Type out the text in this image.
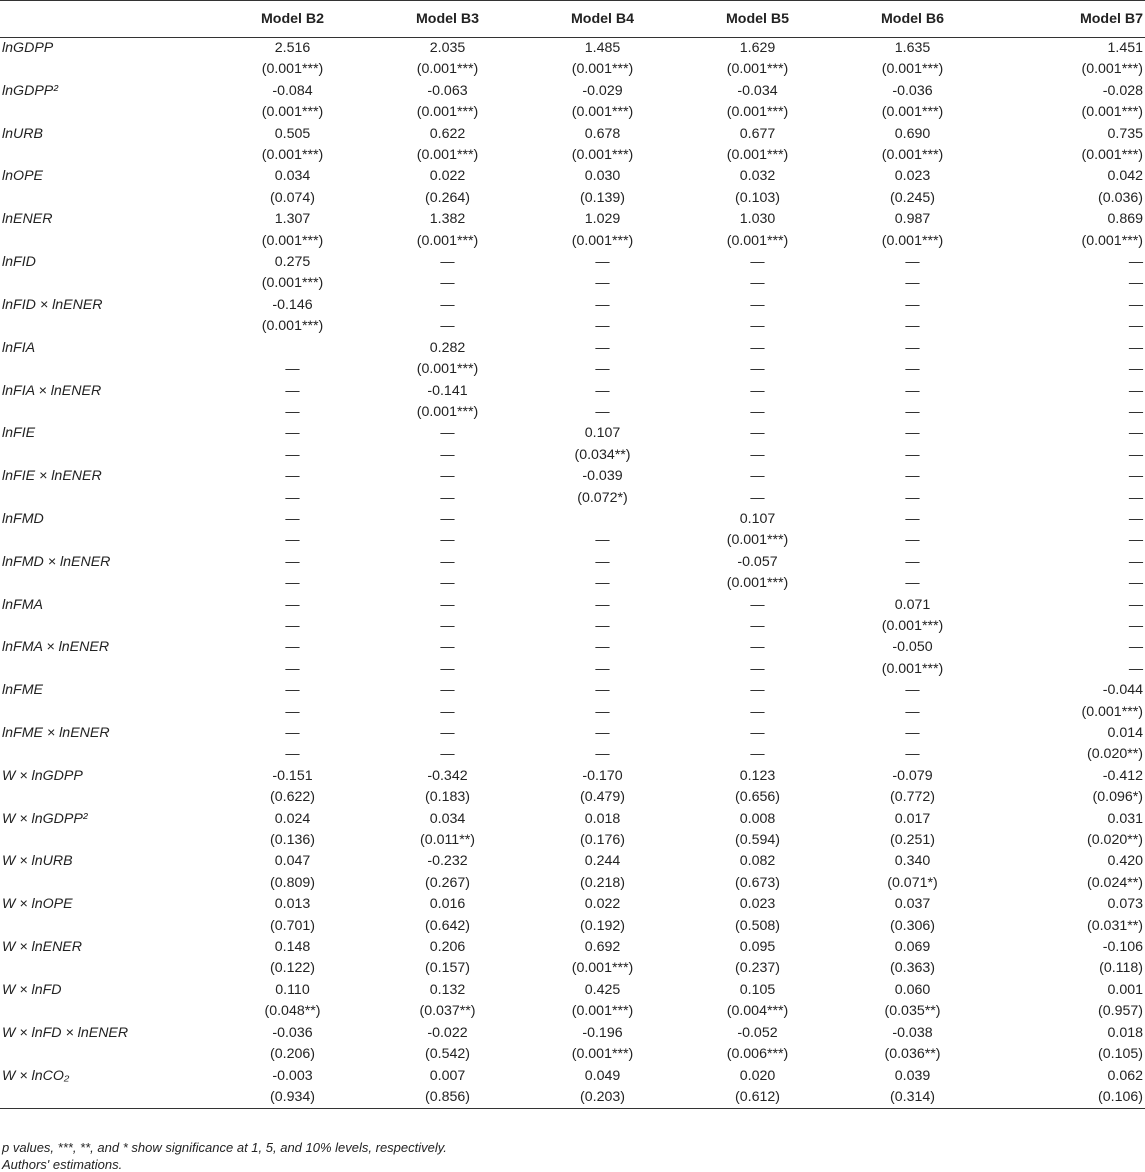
	Model B2	Model B3	Model B4	Model B5	Model B6	Model B7
lnGDPP	2.516	2.035	1.485	1.629	1.635	1.451
	(0.001***)	(0.001***)	(0.001***)	(0.001***)	(0.001***)	(0.001***)
lnGDPP²	-0.084	-0.063	-0.029	-0.034	-0.036	-0.028
	(0.001***)	(0.001***)	(0.001***)	(0.001***)	(0.001***)	(0.001***)
lnURB	0.505	0.622	0.678	0.677	0.690	0.735
	(0.001***)	(0.001***)	(0.001***)	(0.001***)	(0.001***)	(0.001***)
lnOPE	0.034	0.022	0.030	0.032	0.023	0.042
	(0.074)	(0.264)	(0.139)	(0.103)	(0.245)	(0.036)
lnENER	1.307	1.382	1.029	1.030	0.987	0.869
	(0.001***)	(0.001***)	(0.001***)	(0.001***)	(0.001***)	(0.001***)
lnFID	0.275	—	—	—	—	—
	(0.001***)	—	—	—	—	—
lnFID × lnENER	-0.146	—	—	—	—	—
	(0.001***)	—	—	—	—	—
lnFIA		0.282	—	—	—	—
	—	(0.001***)	—	—	—	—
lnFIA × lnENER	—	-0.141	—	—	—	—
	—	(0.001***)	—	—	—	—
lnFIE	—	—	0.107	—	—	—
	—	—	(0.034**)	—	—	—
lnFIE × lnENER	—	—	-0.039	—	—	—
	—	—	(0.072*)	—	—	—
lnFMD	—	—		0.107	—	—
	—	—	—	(0.001***)	—	—
lnFMD × lnENER	—	—	—	-0.057	—	—
	—	—	—	(0.001***)	—	—
lnFMA	—	—	—	—	0.071	—
	—	—	—	—	(0.001***)	—
lnFMA × lnENER	—	—	—	—	-0.050	—
	—	—	—	—	(0.001***)	—
lnFME	—	—	—	—	—	-0.044
	—	—	—	—	—	(0.001***)
lnFME × lnENER	—	—	—	—	—	0.014
	—	—	—	—	—	(0.020**)
W × lnGDPP	-0.151	-0.342	-0.170	0.123	-0.079	-0.412
	(0.622)	(0.183)	(0.479)	(0.656)	(0.772)	(0.096*)
W × lnGDPP²	0.024	0.034	0.018	0.008	0.017	0.031
	(0.136)	(0.011**)	(0.176)	(0.594)	(0.251)	(0.020**)
W × lnURB	0.047	-0.232	0.244	0.082	0.340	0.420
	(0.809)	(0.267)	(0.218)	(0.673)	(0.071*)	(0.024**)
W × lnOPE	0.013	0.016	0.022	0.023	0.037	0.073
	(0.701)	(0.642)	(0.192)	(0.508)	(0.306)	(0.031**)
W × lnENER	0.148	0.206	0.692	0.095	0.069	-0.106
	(0.122)	(0.157)	(0.001***)	(0.237)	(0.363)	(0.118)
W × lnFD	0.110	0.132	0.425	0.105	0.060	0.001
	(0.048**)	(0.037**)	(0.001***)	(0.004***)	(0.035**)	(0.957)
W × lnFD × lnENER	-0.036	-0.022	-0.196	-0.052	-0.038	0.018
	(0.206)	(0.542)	(0.001***)	(0.006***)	(0.036**)	(0.105)
W × lnCO₂	-0.003	0.007	0.049	0.020	0.039	0.062
	(0.934)	(0.856)	(0.203)	(0.612)	(0.314)	(0.106)
p values, ***, **, and * show significance at 1, 5, and 10% levels, respectively.
Authors' estimations.
